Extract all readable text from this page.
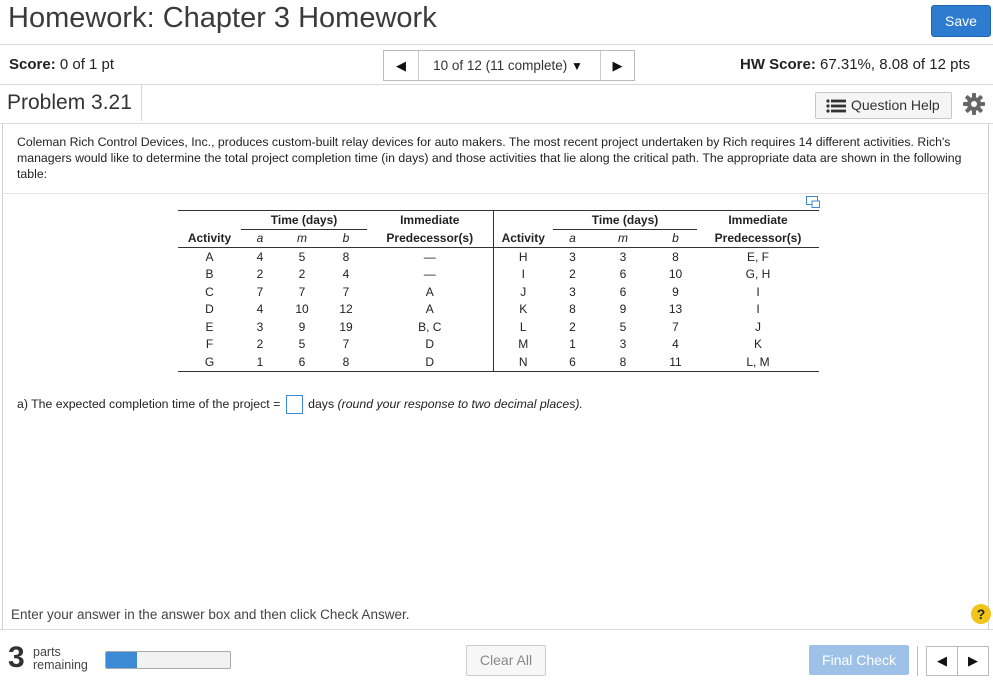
Homework: Chapter 3 Homework	Save
Score: 0 of 1 pt	◀	10 of 12 (11 complete) ▼	▶	HW Score: 67.31%, 8.08 of 12 pts
Problem 3.21	Question Help
Coleman Rich Control Devices, Inc., produces custom-built relay devices for auto makers. The most recent project undertaken by Rich requires 14 different activities. Rich's managers would like to determine the total project completion time (in days) and those activities that lie along the critical path. The appropriate data are shown in the following table:
	Time (days)			Immediate		Time (days)			Immediate
Activity	a	m	b	Predecessor(s)	Activity	a	m	b	Predecessor(s)
A	4	5	8	—	H	3	3	8	E, F
B	2	2	4	—	I	2	6	10	G, H
C	7	7	7	A	J	3	6	9	I
D	4	10	12	A	K	8	9	13	I
E	3	9	19	B, C	L	2	5	7	J
F	2	5	7	D	M	1	3	4	K
G	1	6	8	D	N	6	8	11	L, M
a) The expected completion time of the project = days (round your response to two decimal places).
Enter your answer in the answer box and then click Check Answer.	?
3 parts
remaining	Clear All	Final Check	◀	▶
